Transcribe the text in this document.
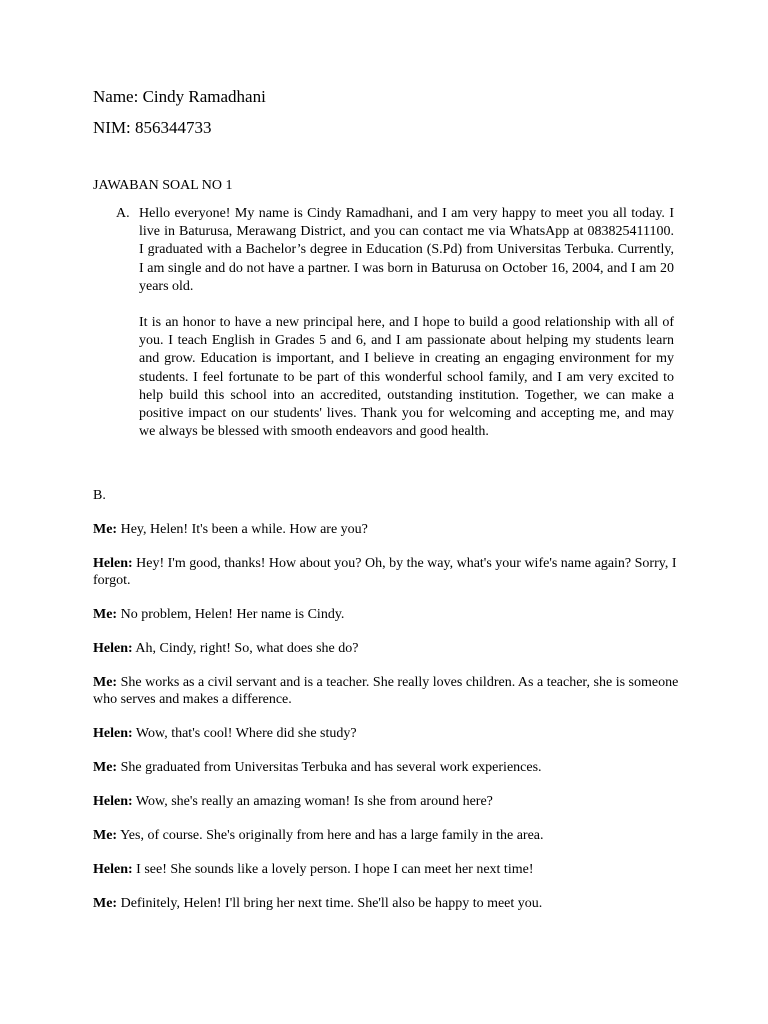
Name: Cindy Ramadhani
NIM: 856344733
JAWABAN SOAL NO 1
A. Hello everyone! My name is Cindy Ramadhani, and I am very happy to meet you all today. I live in Baturusa, Merawang District, and you can contact me via WhatsApp at 083825411100. I graduated with a Bachelor’s degree in Education (S.Pd) from Universitas Terbuka. Currently, I am single and do not have a partner. I was born in Baturusa on October 16, 2004, and I am 20 years old.

It is an honor to have a new principal here, and I hope to build a good relationship with all of you. I teach English in Grades 5 and 6, and I am passionate about helping my students learn and grow. Education is important, and I believe in creating an engaging environment for my students. I feel fortunate to be part of this wonderful school family, and I am very excited to help build this school into an accredited, outstanding institution. Together, we can make a positive impact on our students' lives. Thank you for welcoming and accepting me, and may we always be blessed with smooth endeavors and good health.

B.

Me: Hey, Helen! It's been a while. How are you?

Helen: Hey! I'm good, thanks! How about you? Oh, by the way, what's your wife's name again? Sorry, I forgot.

Me: No problem, Helen! Her name is Cindy.

Helen: Ah, Cindy, right! So, what does she do?

Me: She works as a civil servant and is a teacher. She really loves children. As a teacher, she is someone who serves and makes a difference.

Helen: Wow, that's cool! Where did she study?

Me: She graduated from Universitas Terbuka and has several work experiences.

Helen: Wow, she's really an amazing woman! Is she from around here?

Me: Yes, of course. She's originally from here and has a large family in the area.

Helen: I see! She sounds like a lovely person. I hope I can meet her next time!

Me: Definitely, Helen! I'll bring her next time. She'll also be happy to meet you.
